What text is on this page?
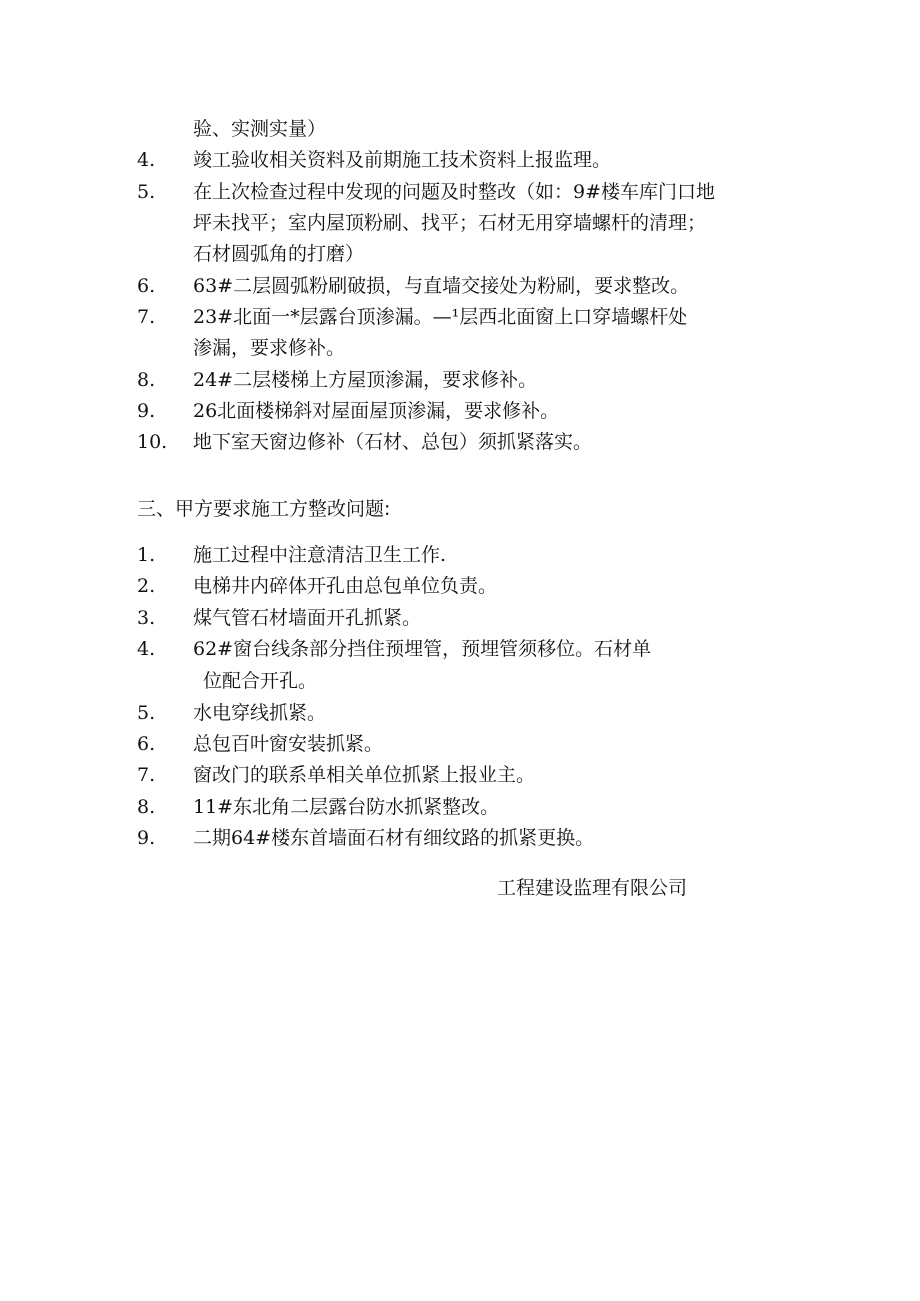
验、实测实量）
4. 竣工验收相关资料及前期施工技术资料上报监理。
5. 在上次检查过程中发现的问题及时整改（如：9#楼车库门口地
坪未找平；室内屋顶粉刷、找平；石材无用穿墙螺杆的清理；
石材圆弧角的打磨）
6. 63#二层圆弧粉刷破损，与直墙交接处为粉刷，要求整改。
7. 23#北面一*层露台顶渗漏。—¹层西北面窗上口穿墙螺杆处
渗漏，要求修补。
8. 24#二层楼梯上方屋顶渗漏，要求修补。
9. 26北面楼梯斜对屋面屋顶渗漏，要求修补。
10. 地下室天窗边修补（石材、总包）须抓紧落实。
三、甲方要求施工方整改问题:
1. 施工过程中注意清洁卫生工作.
2. 电梯井内碎体开孔由总包单位负责。
3. 煤气管石材墙面开孔抓紧。
4. 62#窗台线条部分挡住预埋管，预埋管须移位。石材单
位配合开孔。
5. 水电穿线抓紧。
6. 总包百叶窗安装抓紧。
7. 窗改门的联系单相关单位抓紧上报业主。
8. 11#东北角二层露台防水抓紧整改。
9. 二期64#楼东首墙面石材有细纹路的抓紧更换。
工程建设监理有限公司
